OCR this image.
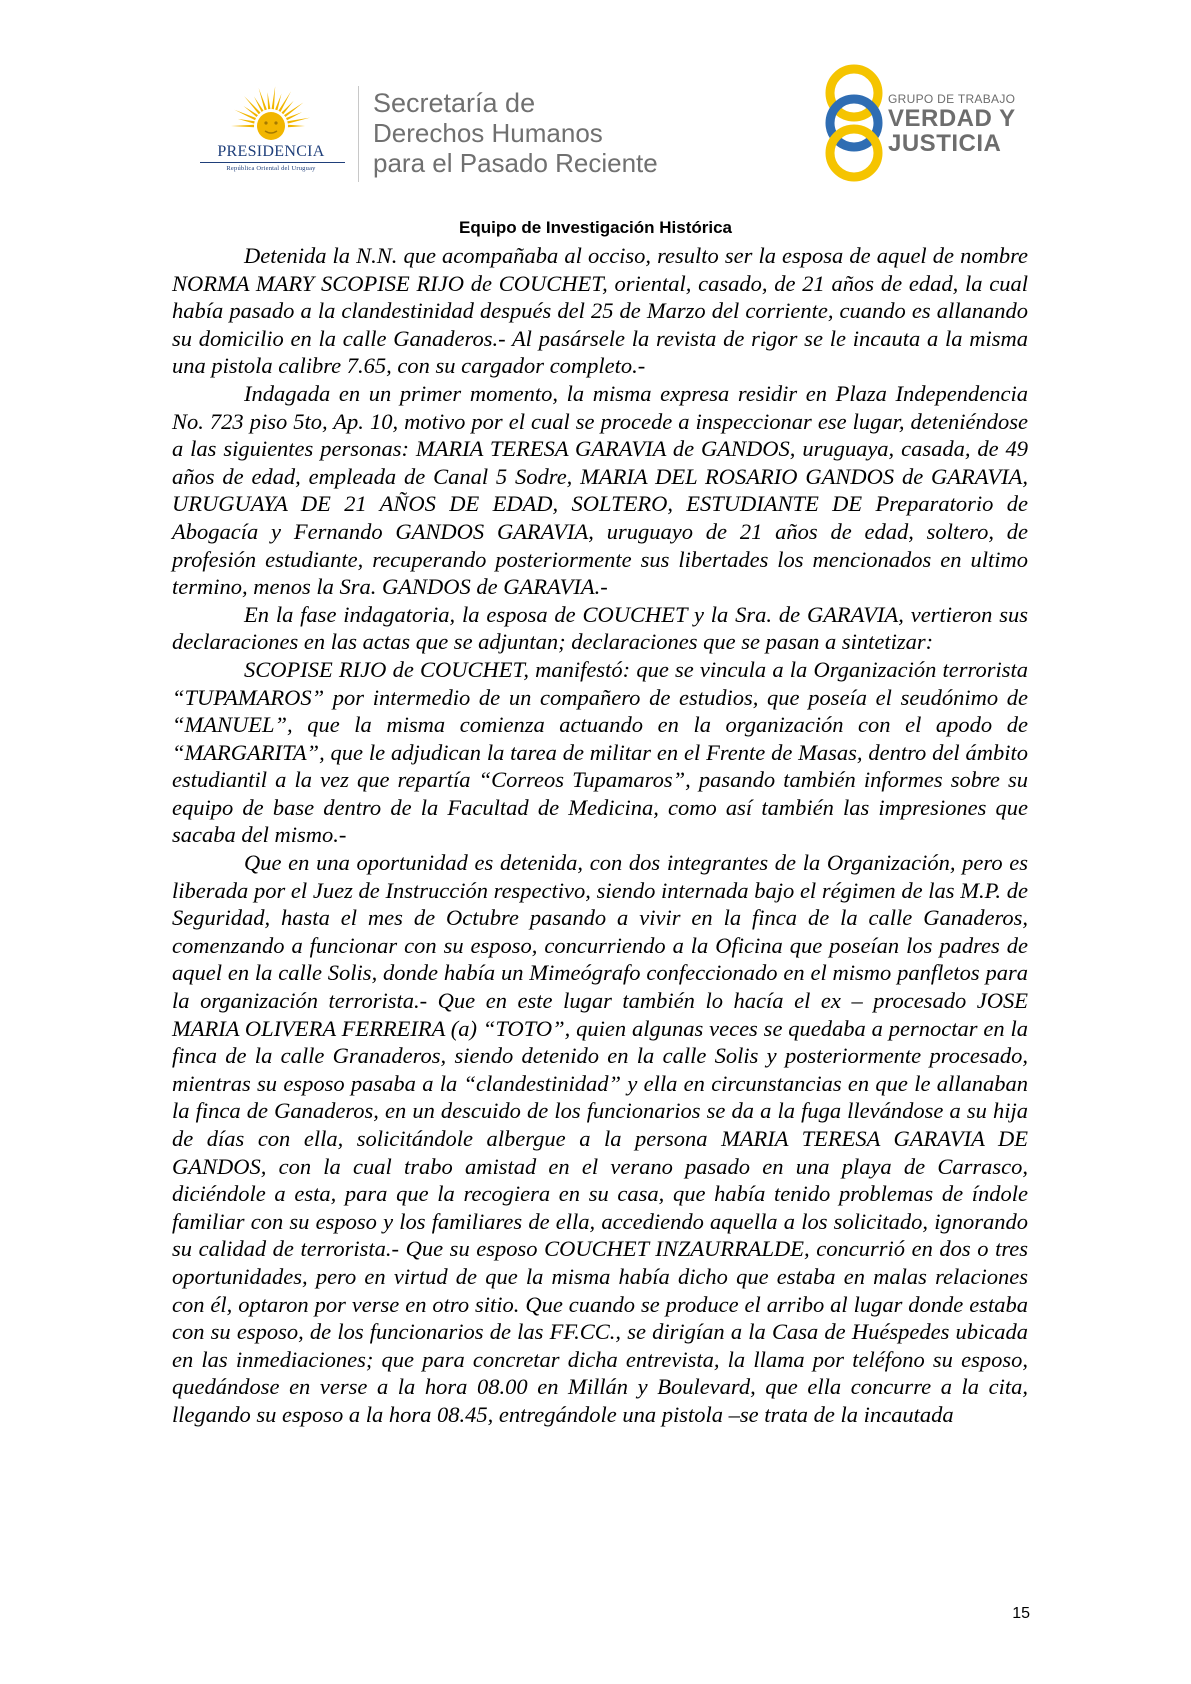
PRESIDENCIA
República Oriental del Uruguay
Secretaría de
Derechos Humanos
para el Pasado Reciente
GRUPO DE TRABAJO
VERDAD Y
JUSTICIA
Equipo de Investigación Histórica

Detenida la N.N. que acompañaba al occiso, resulto ser la esposa de aquel de nombre NORMA MARY SCOPISE RIJO de COUCHET, oriental, casado, de 21 años de edad, la cual había pasado a la clandestinidad después del 25 de Marzo del corriente, cuando es allanando su domicilio en la calle Ganaderos.- Al pasársele la revista de rigor se le incauta a la misma una pistola calibre 7.65, con su cargador completo.-

Indagada en un primer momento, la misma expresa residir en Plaza Independencia No. 723 piso 5to, Ap. 10, motivo por el cual se procede a inspeccionar ese lugar, deteniéndose a las siguientes personas: MARIA TERESA GARAVIA de GANDOS, uruguaya, casada, de 49 años de edad, empleada de Canal 5 Sodre, MARIA DEL ROSARIO GANDOS de GARAVIA, URUGUAYA DE 21 AÑOS DE EDAD, SOLTERO, ESTUDIANTE DE Preparatorio de Abogacía y Fernando GANDOS GARAVIA, uruguayo de 21 años de edad, soltero, de profesión estudiante, recuperando posteriormente sus libertades los mencionados en ultimo termino, menos la Sra. GANDOS de GARAVIA.-

En la fase indagatoria, la esposa de COUCHET y la Sra. de GARAVIA, vertieron sus declaraciones en las actas que se adjuntan; declaraciones que se pasan a sintetizar:

SCOPISE RIJO de COUCHET, manifestó: que se vincula a la Organización terrorista “TUPAMAROS” por intermedio de un compañero de estudios, que poseía el seudónimo de “MANUEL”, que la misma comienza actuando en la organización con el apodo de “MARGARITA”, que le adjudican la tarea de militar en el Frente de Masas, dentro del ámbito estudiantil a la vez que repartía “Correos Tupamaros”, pasando también informes sobre su equipo de base dentro de la Facultad de Medicina, como así también las impresiones que sacaba del mismo.-

Que en una oportunidad es detenida, con dos integrantes de la Organización, pero es liberada por el Juez de Instrucción respectivo, siendo internada bajo el régimen de las M.P. de Seguridad, hasta el mes de Octubre pasando a vivir en la finca de la calle Ganaderos, comenzando a funcionar con su esposo, concurriendo a la Oficina que poseían los padres de aquel en la calle Solis, donde había un Mimeógrafo confeccionado en el mismo panfletos para la organización terrorista.- Que en este lugar también lo hacía el ex – procesado JOSE MARIA OLIVERA FERREIRA (a) “TOTO”, quien algunas veces se quedaba a pernoctar en la finca de la calle Granaderos, siendo detenido en la calle Solis y posteriormente procesado, mientras su esposo pasaba a la “clandestinidad” y ella en circunstancias en que le allanaban la finca de Ganaderos, en un descuido de los funcionarios se da a la fuga llevándose a su hija de días con ella, solicitándole albergue a la persona MARIA TERESA GARAVIA DE GANDOS, con la cual trabo amistad en el verano pasado en una playa de Carrasco, diciéndole a esta, para que la recogiera en su casa, que había tenido problemas de índole familiar con su esposo y los familiares de ella, accediendo aquella a los solicitado, ignorando su calidad de terrorista.- Que su esposo COUCHET INZAURRALDE, concurrió en dos o tres oportunidades, pero en virtud de que la misma había dicho que estaba en malas relaciones con él, optaron por verse en otro sitio. Que cuando se produce el arribo al lugar donde estaba con su esposo, de los funcionarios de las FF.CC., se dirigían a la Casa de Huéspedes ubicada en las inmediaciones; que para concretar dicha entrevista, la llama por teléfono su esposo, quedándose en verse a la hora 08.00 en Millán y Boulevard, que ella concurre a la cita, llegando su esposo a la hora 08.45, entregándole una pistola –se trata de la incautada

15
